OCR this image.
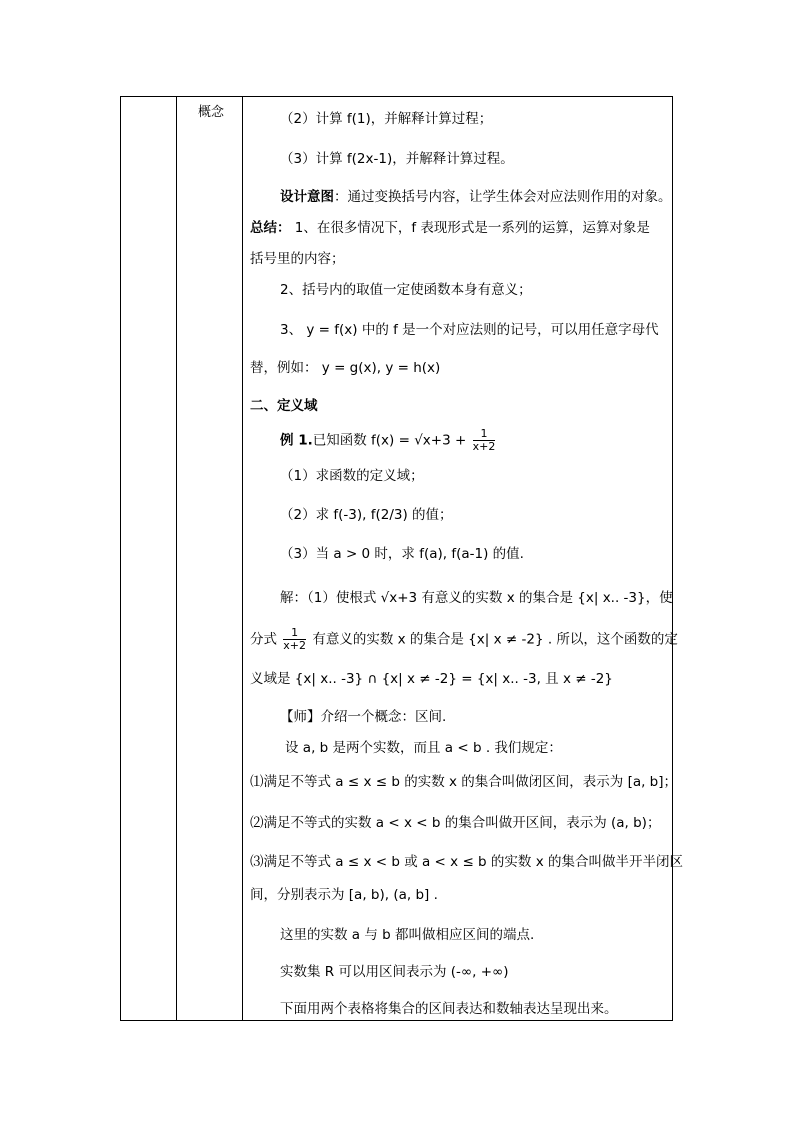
概念	（2）计算 f(1)，并解释计算过程；
（3）计算 f(2x-1)，并解释计算过程。
设计意图：通过变换括号内容，让学生体会对应法则作用的对象。
总结： 1、在很多情况下，f 表现形式是一系列的运算，运算对象是
括号里的内容；
2、括号内的取值一定使函数本身有意义；
3、 y = f(x) 中的 f 是一个对应法则的记号，可以用任意字母代
替，例如： y = g(x), y = h(x)
二、定义域
例 1.已知函数 $f(x) = √x+3 + \frac{1}{x+2}$
（1）求函数的定义域；
（2）求 f(-3), f(2/3) 的值；
（3）当 a > 0 时，求 f(a), f(a-1) 的值.
解：（1）使根式 √x+3 有意义的实数 x 的集合是 {x| x.. -3}，使
分式 $\frac{1}{x+2}$ 有意义的实数 x 的集合是 {x| x ≠ -2} . 所以，这个函数的定
义域是 {x| x.. -3} ∩ {x| x ≠ -2} = {x| x.. -3, 且 x ≠ -2}
【师】介绍一个概念：区间.
设 a, b 是两个实数，而且 a < b . 我们规定：
⑴满足不等式 a ≤ x ≤ b 的实数 x 的集合叫做闭区间，表示为 [a, b]；
⑵满足不等式的实数 a < x < b 的集合叫做开区间，表示为 (a, b)；
⑶满足不等式 a ≤ x < b 或 a < x ≤ b 的实数 x 的集合叫做半开半闭区
间，分别表示为 [a, b), (a, b] .
这里的实数 a 与 b 都叫做相应区间的端点.
实数集 R 可以用区间表示为 (-∞, +∞)
下面用两个表格将集合的区间表达和数轴表达呈现出来。
